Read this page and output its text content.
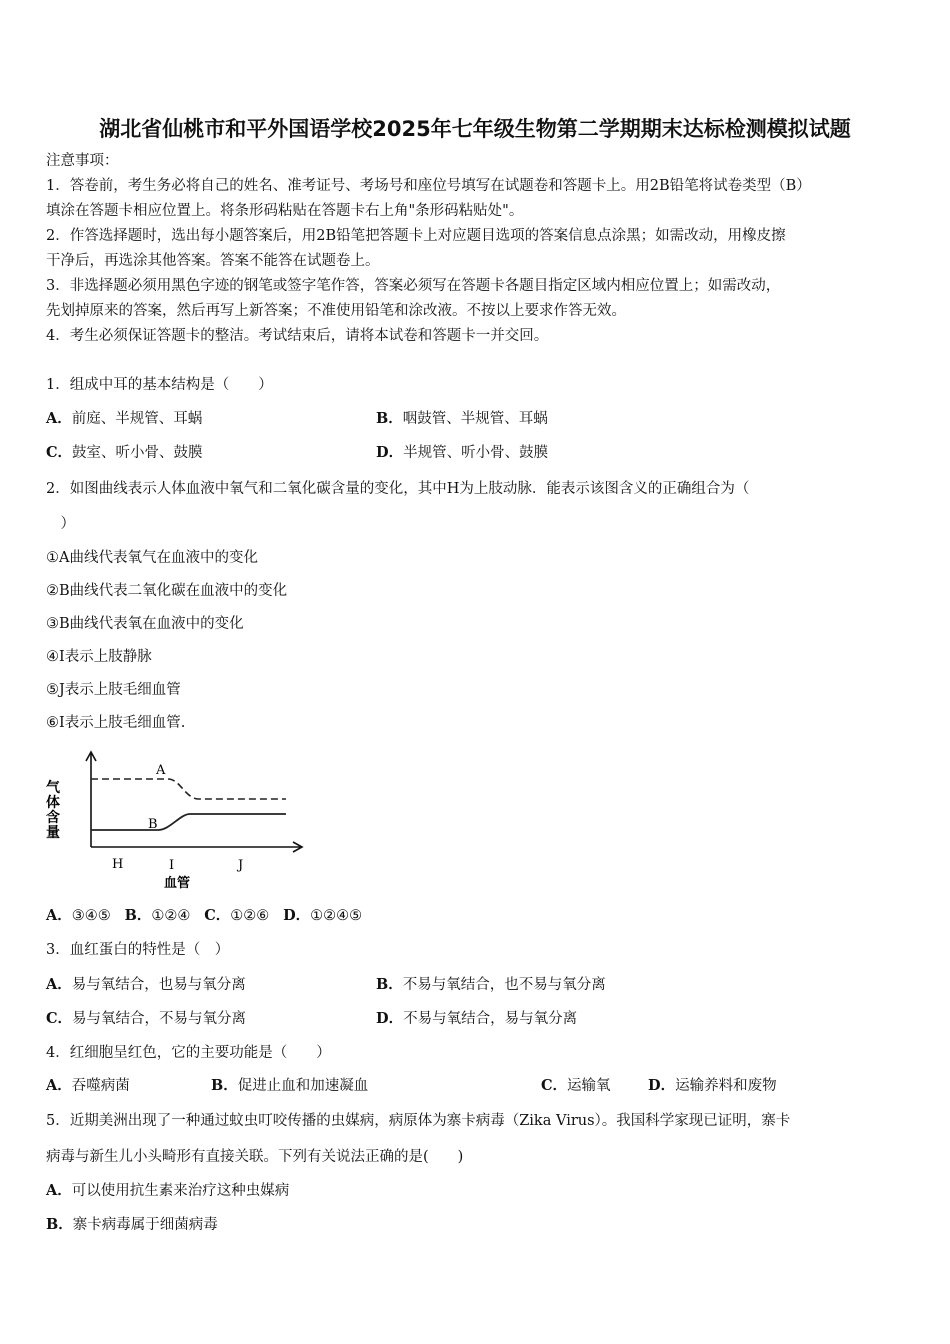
湖北省仙桃市和平外国语学校2025年七年级生物第二学期期末达标检测模拟试题
注意事项：
1．答卷前，考生务必将自己的姓名、准考证号、考场号和座位号填写在试题卷和答题卡上。用2B铅笔将试卷类型（B）
填涂在答题卡相应位置上。将条形码粘贴在答题卡右上角"条形码粘贴处"。
2．作答选择题时，选出每小题答案后，用2B铅笔把答题卡上对应题目选项的答案信息点涂黑；如需改动，用橡皮擦
干净后，再选涂其他答案。答案不能答在试题卷上。
3．非选择题必须用黑色字迹的钢笔或签字笔作答，答案必须写在答题卡各题目指定区域内相应位置上；如需改动，
先划掉原来的答案，然后再写上新答案；不准使用铅笔和涂改液。不按以上要求作答无效。
4．考生必须保证答题卡的整洁。考试结束后，请将本试卷和答题卡一并交回。
1．组成中耳的基本结构是（　　）
A．前庭、半规管、耳蜗	B．咽鼓管、半规管、耳蜗
C．鼓室、听小骨、鼓膜	D．半规管、听小骨、鼓膜
2．如图曲线表示人体血液中氧气和二氧化碳含量的变化，其中H为上肢动脉．能表示该图含义的正确组合为（
　）
①A曲线代表氧气在血液中的变化
②B曲线代表二氧化碳在血液中的变化
③B曲线代表氧在血液中的变化
④I表示上肢静脉
⑤J表示上肢毛细血管
⑥I表示上肢毛细血管.
气
体
含
量
A
B
H	I	J
血管
A．③④⑤ B．①②④ C．①②⑥ D．①②④⑤
3．血红蛋白的特性是（　）
A．易与氧结合，也易与氧分离	B．不易与氧结合，也不易与氧分离
C．易与氧结合，不易与氧分离	D．不易与氧结合，易与氧分离
4．红细胞呈红色，它的主要功能是（　　）
A．吞噬病菌	B．促进止血和加速凝血	C．运输氧	D．运输养料和废物
5．近期美洲出现了一种通过蚊虫叮咬传播的虫媒病，病原体为寨卡病毒（Zika Virus）。我国科学家现已证明，寨卡
病毒与新生儿小头畸形有直接关联。下列有关说法正确的是(　　)
A．可以使用抗生素来治疗这种虫媒病
B．寨卡病毒属于细菌病毒
